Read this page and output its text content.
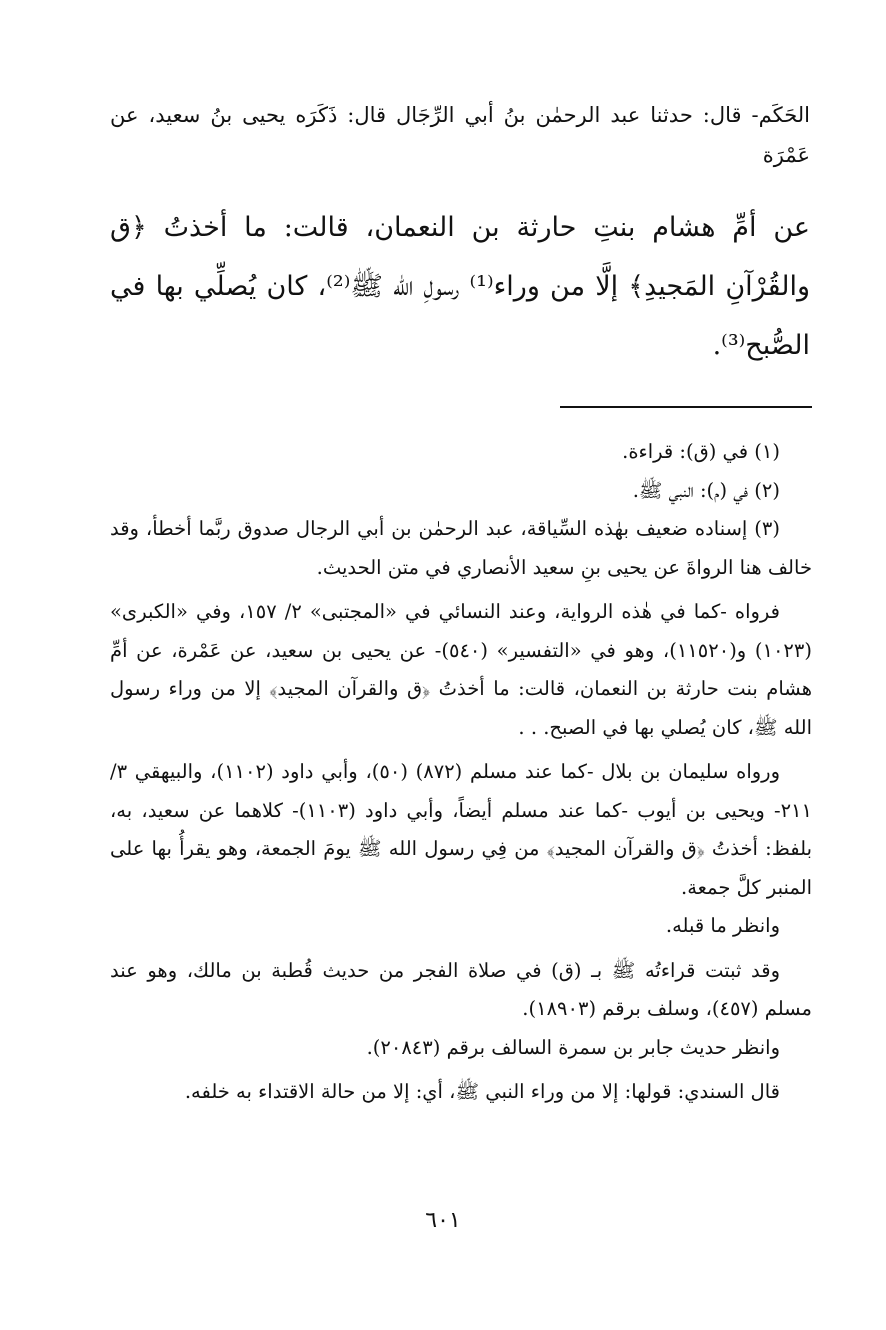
الحَكَم- قال: حدثنا عبد الرحمٰن بنُ أبي الرِّجَال قال: ذَكَرَه يحيى بنُ سعيد، عن عَمْرَة
عن أمِّ هشام بنتِ حارثة بن النعمان، قالت: ما أخذتُ ﴿ق والقُرْآنِ المَجيدِ﴾ إلَّا من وراء⁽¹⁾ رسولِ الله ﷺ⁽²⁾، كان يُصلِّي بها في الصُّبح⁽³⁾.

(١) في (ق): قراءة.

(٢) في (م): النبي ﷺ.

(٣) إسناده ضعيف بهٰذه السِّياقة، عبد الرحمٰن بن أبي الرجال صدوق ربَّما أخطأ، وقد خالف هنا الرواةَ عن يحيى بنِ سعيد الأنصاري في متن الحديث.

فرواه -كما في هٰذه الرواية، وعند النسائي في «المجتبى» ٢/ ١٥٧، وفي «الكبرى» (١٠٢٣) و(١١٥٢٠)، وهو في «التفسير» (٥٤٠)- عن يحيى بن سعيد، عن عَمْرة، عن أمِّ هشام بنت حارثة بن النعمان، قالت: ما أخذتُ ﴿ق والقرآن المجيد﴾ إلا من وراء رسول الله ﷺ، كان يُصلي بها في الصبح. . .

ورواه سليمان بن بلال -كما عند مسلم (٨٧٢) (٥٠)، وأبي داود (١١٠٢)، والبيهقي ٣/ ٢١١- ويحيى بن أيوب -كما عند مسلم أيضاً، وأبي داود (١١٠٣)- كلاهما عن سعيد، به، بلفظ: أخذتُ ﴿ق والقرآن المجيد﴾ من فِي رسول الله ﷺ يومَ الجمعة، وهو يقرأُ بها على المنبر كلَّ جمعة.

وانظر ما قبله.

وقد ثبتت قراءتُه ﷺ بـ (ق) في صلاة الفجر من حديث قُطبة بن مالك، وهو عند مسلم (٤٥٧)، وسلف برقم (١٨٩٠٣).

وانظر حديث جابر بن سمرة السالف برقم (٢٠٨٤٣).

قال السندي: قولها: إلا من وراء النبي ﷺ، أي: إلا من حالة الاقتداء به خلفه.

٦٠١
